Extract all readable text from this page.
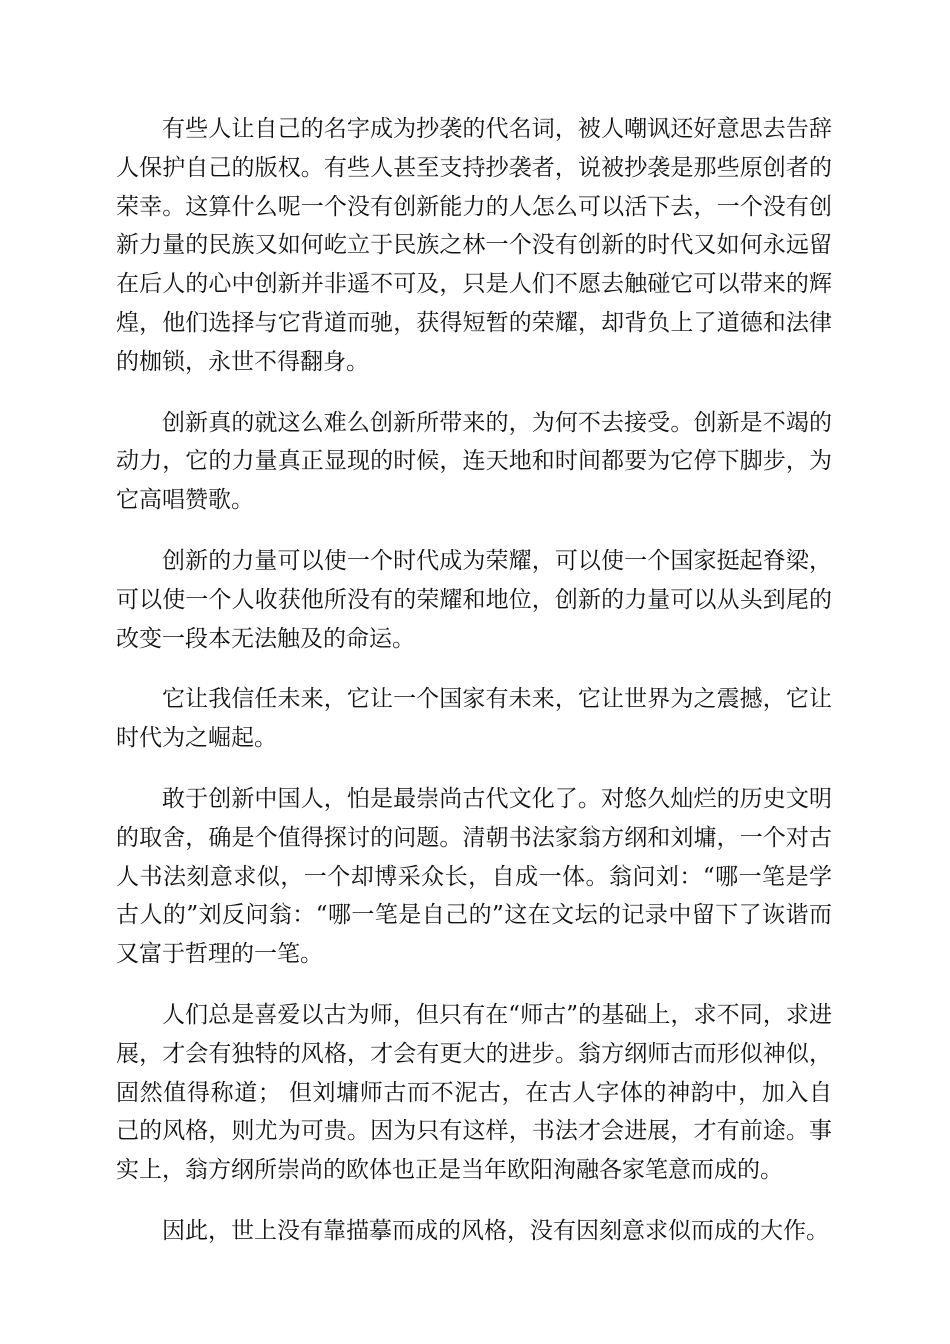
有些人让自己的名字成为抄袭的代名词，被人嘲讽还好意思去告辞人保护自己的版权。有些人甚至支持抄袭者，说被抄袭是那些原创者的荣幸。这算什么呢一个没有创新能力的人怎么可以活下去，一个没有创新力量的民族又如何屹立于民族之林一个没有创新的时代又如何永远留在后人的心中创新并非遥不可及，只是人们不愿去触碰它可以带来的辉煌，他们选择与它背道而驰，获得短暂的荣耀，却背负上了道德和法律的枷锁，永世不得翻身。

创新真的就这么难么创新所带来的，为何不去接受。创新是不竭的动力，它的力量真正显现的时候，连天地和时间都要为它停下脚步，为它高唱赞歌。

创新的力量可以使一个时代成为荣耀，可以使一个国家挺起脊梁，可以使一个人收获他所没有的荣耀和地位，创新的力量可以从头到尾的改变一段本无法触及的命运。

它让我信任未来，它让一个国家有未来，它让世界为之震撼，它让时代为之崛起。

敢于创新中国人，怕是最崇尚古代文化了。对悠久灿烂的历史文明的取舍，确是个值得探讨的问题。清朝书法家翁方纲和刘墉，一个对古人书法刻意求似，一个却博采众长，自成一体。翁问刘：“哪一笔是学古人的”刘反问翁：“哪一笔是自己的”这在文坛的记录中留下了诙谐而又富于哲理的一笔。

人们总是喜爱以古为师，但只有在“师古”的基础上，求不同，求进展，才会有独特的风格，才会有更大的进步。翁方纲师古而形似神似，固然值得称道； 但刘墉师古而不泥古，在古人字体的神韵中，加入自己的风格，则尤为可贵。因为只有这样，书法才会进展，才有前途。事实上，翁方纲所崇尚的欧体也正是当年欧阳洵融各家笔意而成的。

因此，世上没有靠描摹而成的风格，没有因刻意求似而成的大作。
